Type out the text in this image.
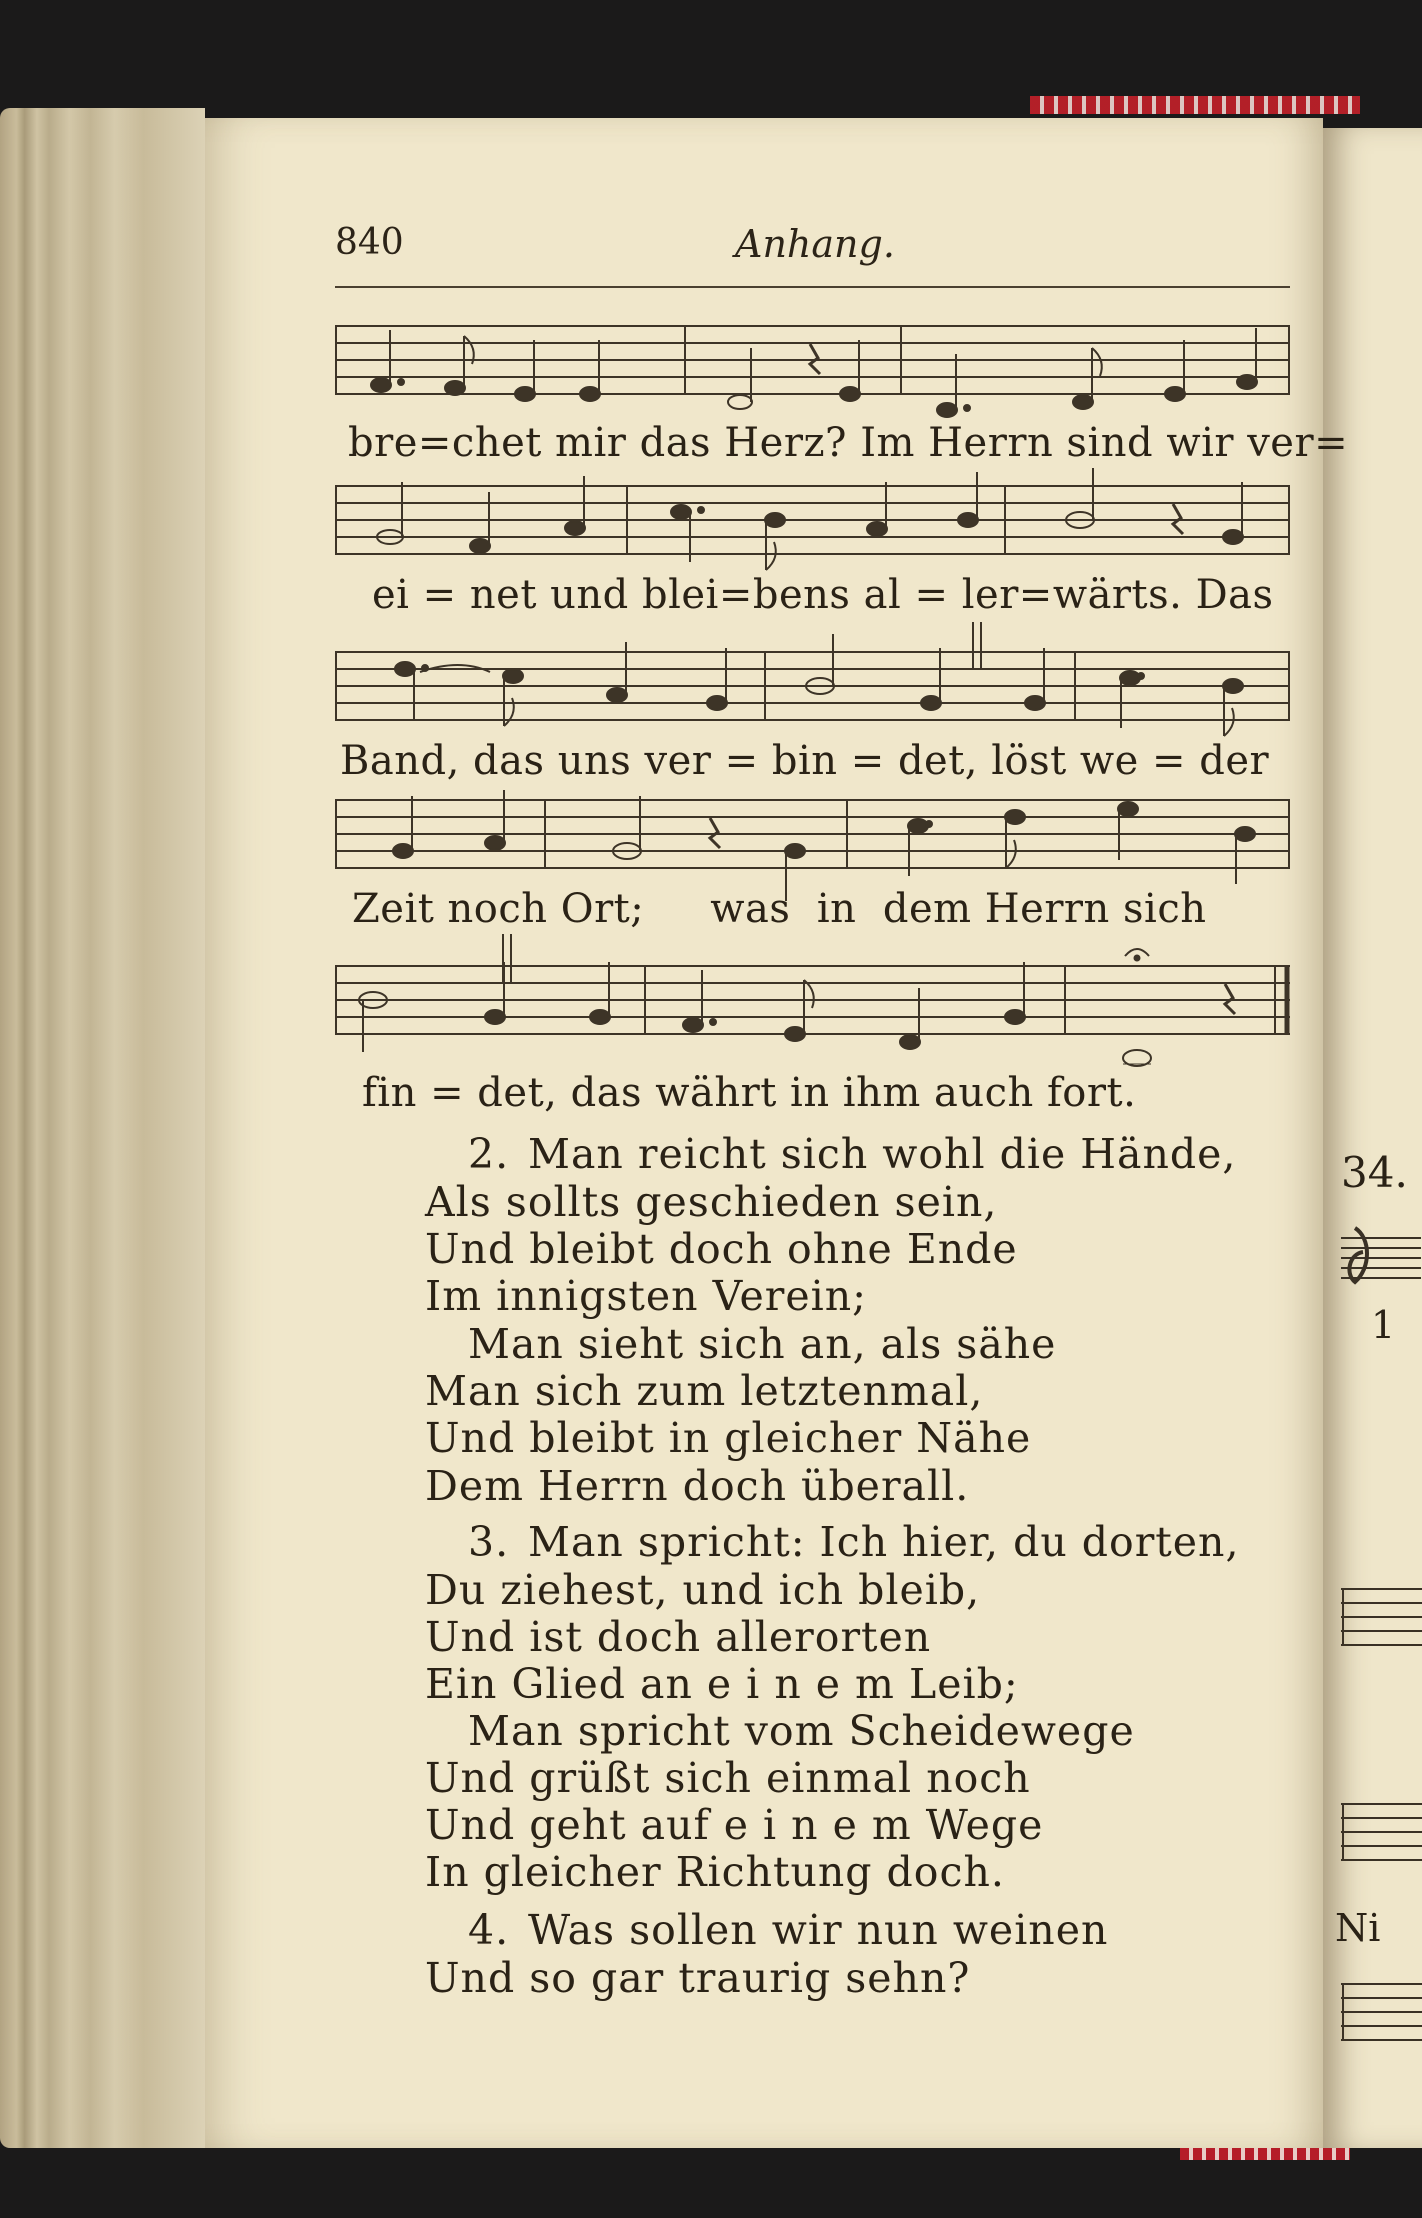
34.
1
Ni
840	Anhang.
bre=chet mir das Herz? Im Herrn sind wir ver=
ei = net und blei=bens al = ler=wärts. Das
Band, das uns ver = bin = det, löst we = der
Zeit noch Ort;     was  in  dem Herrn sich
fin = det, das währt in ihm auch fort.
2. Man reicht sich wohl die Hände,
Als sollts geschieden sein,
Und bleibt doch ohne Ende
Im innigsten Verein;
Man sieht sich an, als sähe
Man sich zum letztenmal,
Und bleibt in gleicher Nähe
Dem Herrn doch überall.
3. Man spricht: Ich hier, du dorten,
Du ziehest, und ich bleib,
Und ist doch allerorten
Ein Glied an e i n e m Leib;
Man spricht vom Scheidewege
Und grüßt sich einmal noch
Und geht auf e i n e m Wege
In gleicher Richtung doch.
4. Was sollen wir nun weinen
Und so gar traurig sehn?
